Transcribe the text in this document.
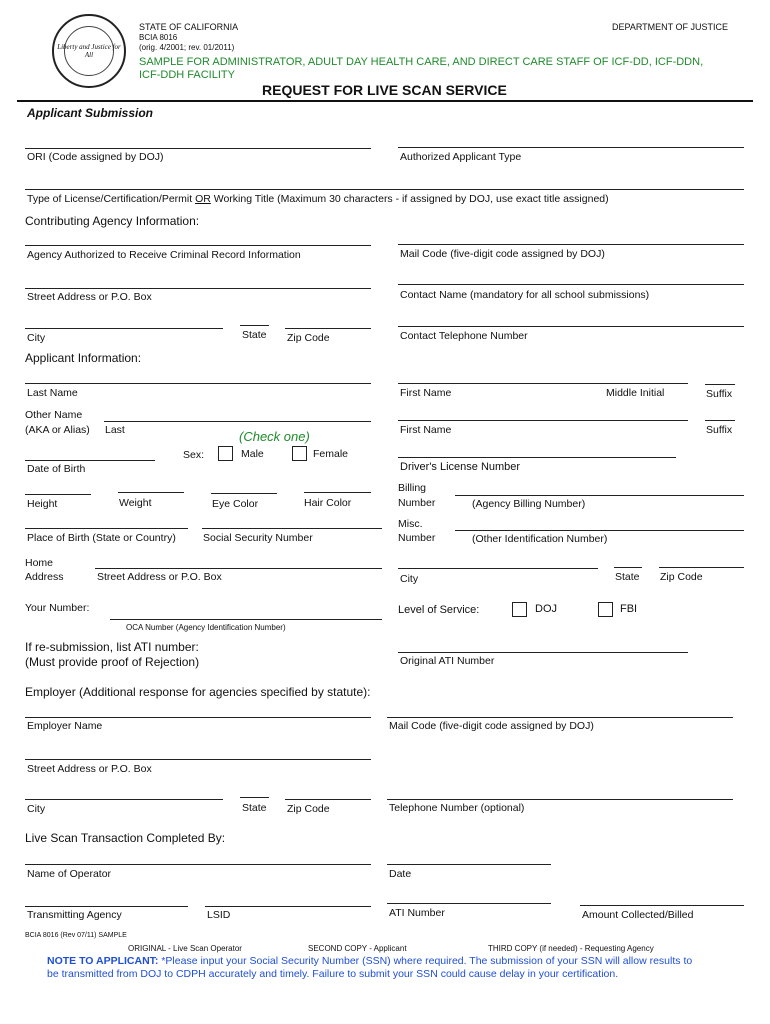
Liberty and Justice for All
STATE OF CALIFORNIA
BCIA 8016
(orig. 4/2001; rev. 01/2011)
DEPARTMENT OF JUSTICE
SAMPLE FOR ADMINISTRATOR, ADULT DAY HEALTH CARE, AND DIRECT CARE STAFF OF ICF-DD, ICF-DDN,
ICF-DDH FACILITY
REQUEST FOR LIVE SCAN SERVICE
Applicant Submission
ORI (Code assigned by DOJ)	Authorized Applicant Type
Type of License/Certification/Permit OR Working Title (Maximum 30 characters - if assigned by DOJ, use exact title assigned)
Contributing Agency Information:
Agency Authorized to Receive Criminal Record Information	Mail Code (five-digit code assigned by DOJ)
Street Address or P.O. Box	Contact Name (mandatory for all school submissions)
City	State Zip Code	Contact Telephone Number
Applicant Information:
Last Name	First Name	Middle Initial	Suffix
Other Name
(AKA or Alias) Last	First Name	Suffix
(Check one)
Sex:	Male	Female
Date of Birth	Driver's License Number
Height	Weight	Eye Color	Hair Color
Billing
Number	(Agency Billing Number)
Place of Birth (State or Country)	Social Security Number
Misc.
Number	(Other Identification Number)
Home
Address	Street Address or P.O. Box	City	State Zip Code
Your Number:
OCA Number (Agency Identification Number)
Level of Service:	DOJ	FBI
If re-submission, list ATI number:
(Must provide proof of Rejection)	Original ATI Number
Employer (Additional response for agencies specified by statute):
Employer Name	Mail Code (five-digit code assigned by DOJ)
Street Address or P.O. Box
City	State Zip Code	Telephone Number (optional)
Live Scan Transaction Completed By:
Name of Operator	Date
Transmitting Agency	LSID	ATI Number	Amount Collected/Billed
BCIA 8016 (Rev 07/11) SAMPLE
ORIGINAL - Live Scan Operator	SECOND COPY - Applicant	THIRD COPY (if needed) - Requesting Agency
NOTE TO APPLICANT: *Please input your Social Security Number (SSN) where required. The submission of your SSN will allow results to
be transmitted from DOJ to CDPH accurately and timely. Failure to submit your SSN could cause delay in your certification.
